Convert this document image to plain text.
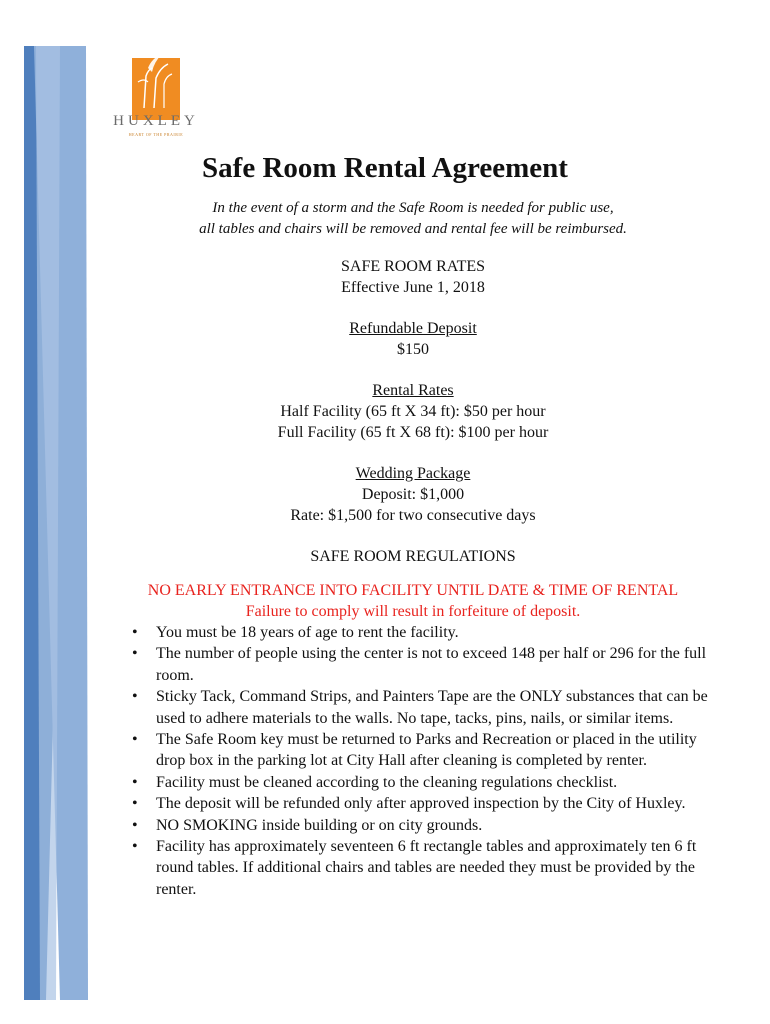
HUXLEY
HEART OF THE PRAIRIE
Safe Room Rental Agreement
In the event of a storm and the Safe Room is needed for public use,
all tables and chairs will be removed and rental fee will be reimbursed.
SAFE ROOM RATES
Effective June 1, 2018
Refundable Deposit
$150
Rental Rates
Half Facility (65 ft X 34 ft): $50 per hour
Full Facility (65 ft X 68 ft): $100 per hour
Wedding Package
Deposit: $1,000
Rate: $1,500 for two consecutive days
SAFE ROOM REGULATIONS
NO EARLY ENTRANCE INTO FACILITY UNTIL DATE & TIME OF RENTAL
Failure to comply will result in forfeiture of deposit.
• You must be 18 years of age to rent the facility.
• The number of people using the center is not to exceed 148 per half or 296 for the full room.
• Sticky Tack, Command Strips, and Painters Tape are the ONLY substances that can be used to adhere materials to the walls. No tape, tacks, pins, nails, or similar items.
• The Safe Room key must be returned to Parks and Recreation or placed in the utility drop box in the parking lot at City Hall after cleaning is completed by renter.
• Facility must be cleaned according to the cleaning regulations checklist.
• The deposit will be refunded only after approved inspection by the City of Huxley.
• NO SMOKING inside building or on city grounds.
• Facility has approximately seventeen 6 ft rectangle tables and approximately ten 6 ft round tables. If additional chairs and tables are needed they must be provided by the renter.
